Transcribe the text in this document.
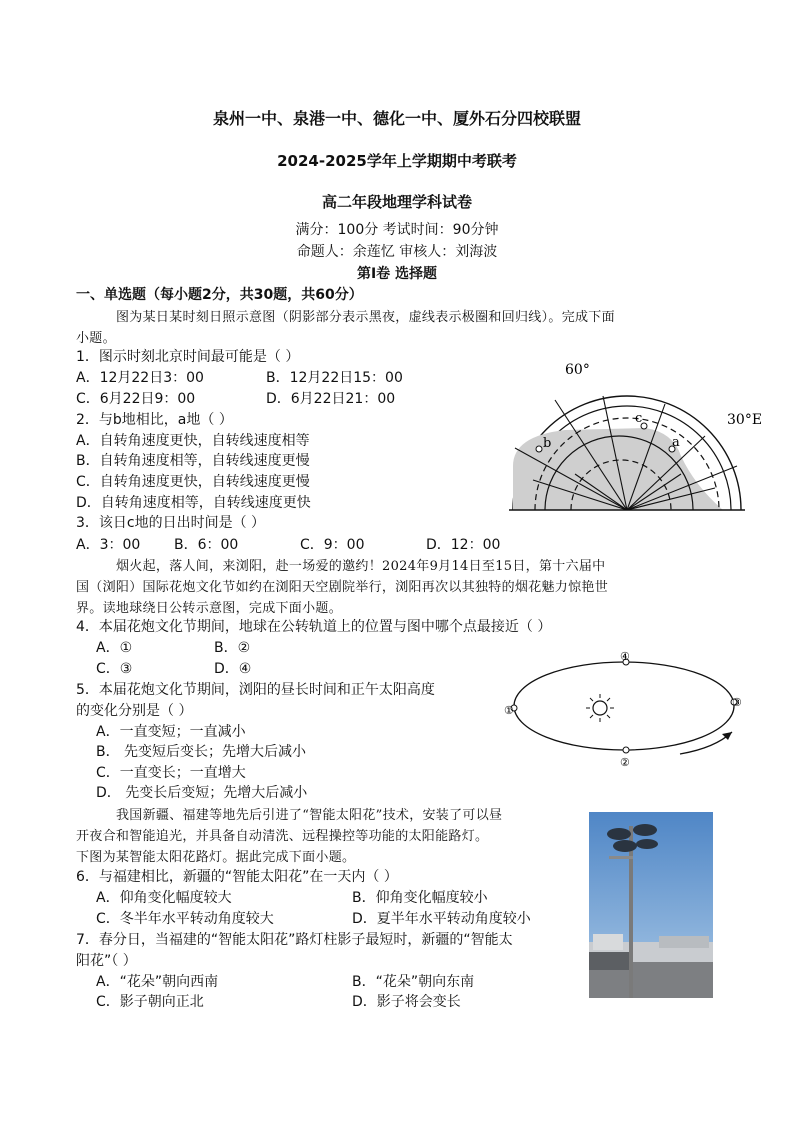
泉州一中、泉港一中、德化一中、厦外石分四校联盟
2024-2025学年上学期期中考联考
高二年段地理学科试卷
满分：100分 考试时间：90分钟
命题人：余莲忆 审核人：刘海波
第Ⅰ卷 选择题
一、单选题（每小题2分，共30题，共60分）
图为某日某时刻日照示意图（阴影部分表示黑夜，虚线表示极圈和回归线）。完成下面
小题。
1．图示时刻北京时间最可能是（ ）
A．12月22日3：00	B．12月22日15：00
C．6月22日9：00	D．6月22日21：00
2．与b地相比，a地（ ）
A．自转角速度更快，自转线速度相等
B．自转角速度相等，自转线速度更慢
C．自转角速度更快，自转线速度更慢
D．自转角速度相等，自转线速度更快
3．该日c地的日出时间是（ ）
A．3：00 B．6：00	C．9：00	D．12：00
60°
30°E
a
b
c
烟火起，落人间，来浏阳，赴一场爱的邀约！2024年9月14日至15日，第十六届中
国（浏阳）国际花炮文化节如约在浏阳天空剧院举行，浏阳再次以其独特的烟花魅力惊艳世
界。读地球绕日公转示意图，完成下面小题。
4．本届花炮文化节期间，地球在公转轨道上的位置与图中哪个点最接近（ ）
A．①	B．②
C．③	D．④
①
②
③
④
5．本届花炮文化节期间，浏阳的昼长时间和正午太阳高度
的变化分别是（ ）
A．一直变短；一直减小
B． 先变短后变长；先增大后减小
C．一直变长；一直增大
D． 先变长后变短；先增大后减小
我国新疆、福建等地先后引进了“智能太阳花”技术，安装了可以昼
开夜合和智能追光，并具备自动清洗、远程操控等功能的太阳能路灯。
下图为某智能太阳花路灯。据此完成下面小题。
6．与福建相比，新疆的“智能太阳花”在一天内（ ）
A．仰角变化幅度较大	B．仰角变化幅度较小
C．冬半年水平转动角度较大	D．夏半年水平转动角度较小
7．春分日，当福建的“智能太阳花”路灯柱影子最短时，新疆的“智能太
阳花”（ ）
A．“花朵”朝向西南	B．“花朵”朝向东南
C．影子朝向正北	D．影子将会变长
